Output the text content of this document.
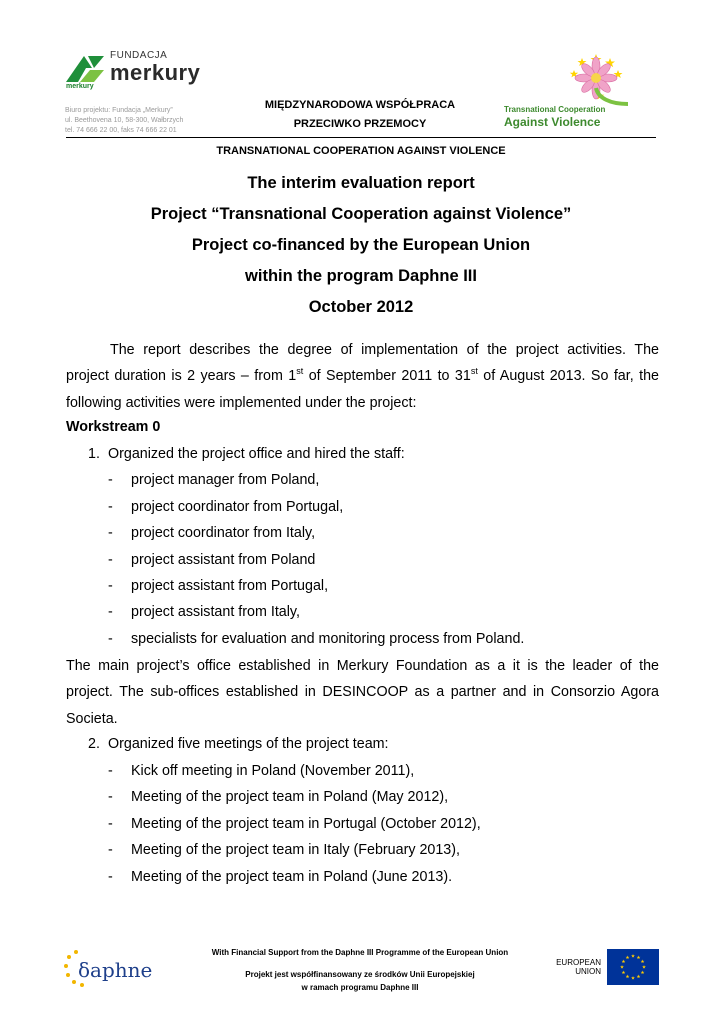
FUNDACJA
merkury
merkury
Biuro projektu: Fundacja „Merkury”
ul. Beethovena 10, 58-300, Wałbrzych
tel. 74 666 22 00, faks 74 666 22 01
MIĘDZYNARODOWA WSPÓŁPRACA
PRZECIWKO PRZEMOCY
Transnational Cooperation
Against Violence
TRANSNATIONAL COOPERATION AGAINST VIOLENCE
The interim evaluation report
Project “Transnational Cooperation against Violence”
Project co-financed by the European Union
within the program Daphne III
October 2012
The report describes the degree of implementation of the project activities. The
project duration is 2 years – from 1st of September 2011 to 31st of August 2013. So far, the
following activities were implemented under the project:
Workstream 0
1. Organized the project office and hired the staff:
- project manager from Poland,
- project coordinator from Portugal,
- project coordinator from Italy,
- project assistant from Poland
- project assistant from Portugal,
- project assistant from Italy,
- specialists for evaluation and monitoring process from Poland.
The main project’s office established in Merkury Foundation as a it is the leader of the
project. The sub-offices established in DESINCOOP as a partner and in Consorzio Agora
Societa.
2. Organized five meetings of the project team:
- Kick off meeting in Poland (November 2011),
- Meeting of the project team in Poland (May 2012),
- Meeting of the project team in Portugal (October 2012),
- Meeting of the project team in Italy (February 2013),
- Meeting of the project team in Poland (June 2013).
δaphne
With Financial Support from the Daphne III Programme of the European Union
Projekt jest współfinansowany ze środków Unii Europejskiej
w ramach programu Daphne III
EUROPEAN
UNION
